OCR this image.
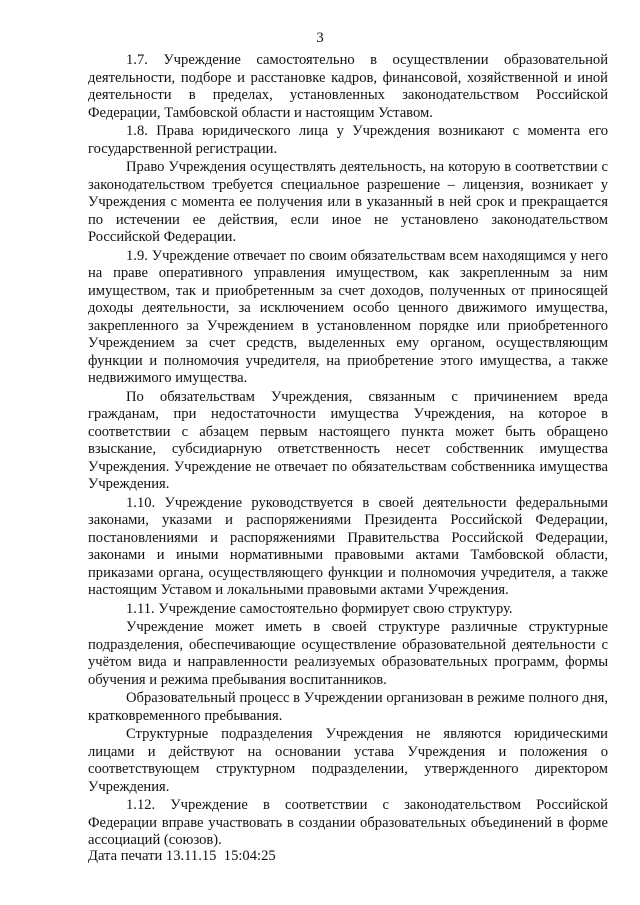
3

1.7. Учреждение самостоятельно в осуществлении образовательной деятельности, подборе и расстановке кадров, финансовой, хозяйственной и иной деятельности в пределах, установленных законодательством Российской Федерации, Тамбовской области и настоящим Уставом.

1.8. Права юридического лица у Учреждения возникают с момента его государственной регистрации.

Право Учреждения осуществлять деятельность, на которую в соответствии с законодательством требуется специальное разрешение – лицензия, возникает у Учреждения с момента ее получения или в указанный в ней срок и прекращается по истечении ее действия, если иное не установлено законодательством Российской Федерации.

1.9. Учреждение отвечает по своим обязательствам всем находящимся у него на праве оперативного управления имуществом, как закрепленным за ним имуществом, так и приобретенным за счет доходов, полученных от приносящей доходы деятельности, за исключением особо ценного движимого имущества, закрепленного за Учреждением в установленном порядке или приобретенного Учреждением за счет средств, выделенных ему органом, осуществляющим функции и полномочия учредителя, на приобретение этого имущества, а также недвижимого имущества.

По обязательствам Учреждения, связанным с причинением вреда гражданам, при недостаточности имущества Учреждения, на которое в соответствии с абзацем первым настоящего пункта может быть обращено взыскание, субсидиарную ответственность несет собственник имущества Учреждения. Учреждение не отвечает по обязательствам собственника имущества Учреждения.

1.10. Учреждение руководствуется в своей деятельности федеральными законами, указами и распоряжениями Президента Российской Федерации, постановлениями и распоряжениями Правительства Российской Федерации, законами и иными нормативными правовыми актами Тамбовской области, приказами органа, осуществляющего функции и полномочия учредителя, а также настоящим Уставом и локальными правовыми актами Учреждения.

1.11. Учреждение самостоятельно формирует свою структуру.

Учреждение может иметь в своей структуре различные структурные подразделения, обеспечивающие осуществление образовательной деятельности с учётом вида и направленности реализуемых образовательных программ, формы обучения и режима пребывания воспитанников.

Образовательный процесс в Учреждении организован в режиме полного дня, кратковременного пребывания.

Структурные подразделения Учреждения не являются юридическими лицами и действуют на основании устава Учреждения и положения о соответствующем структурном подразделении, утвержденного директором Учреждения.

1.12. Учреждение в соответствии с законодательством Российской Федерации вправе участвовать в создании образовательных объединений в форме ассоциаций (союзов).

Дата печати 13.11.15  15:04:25
